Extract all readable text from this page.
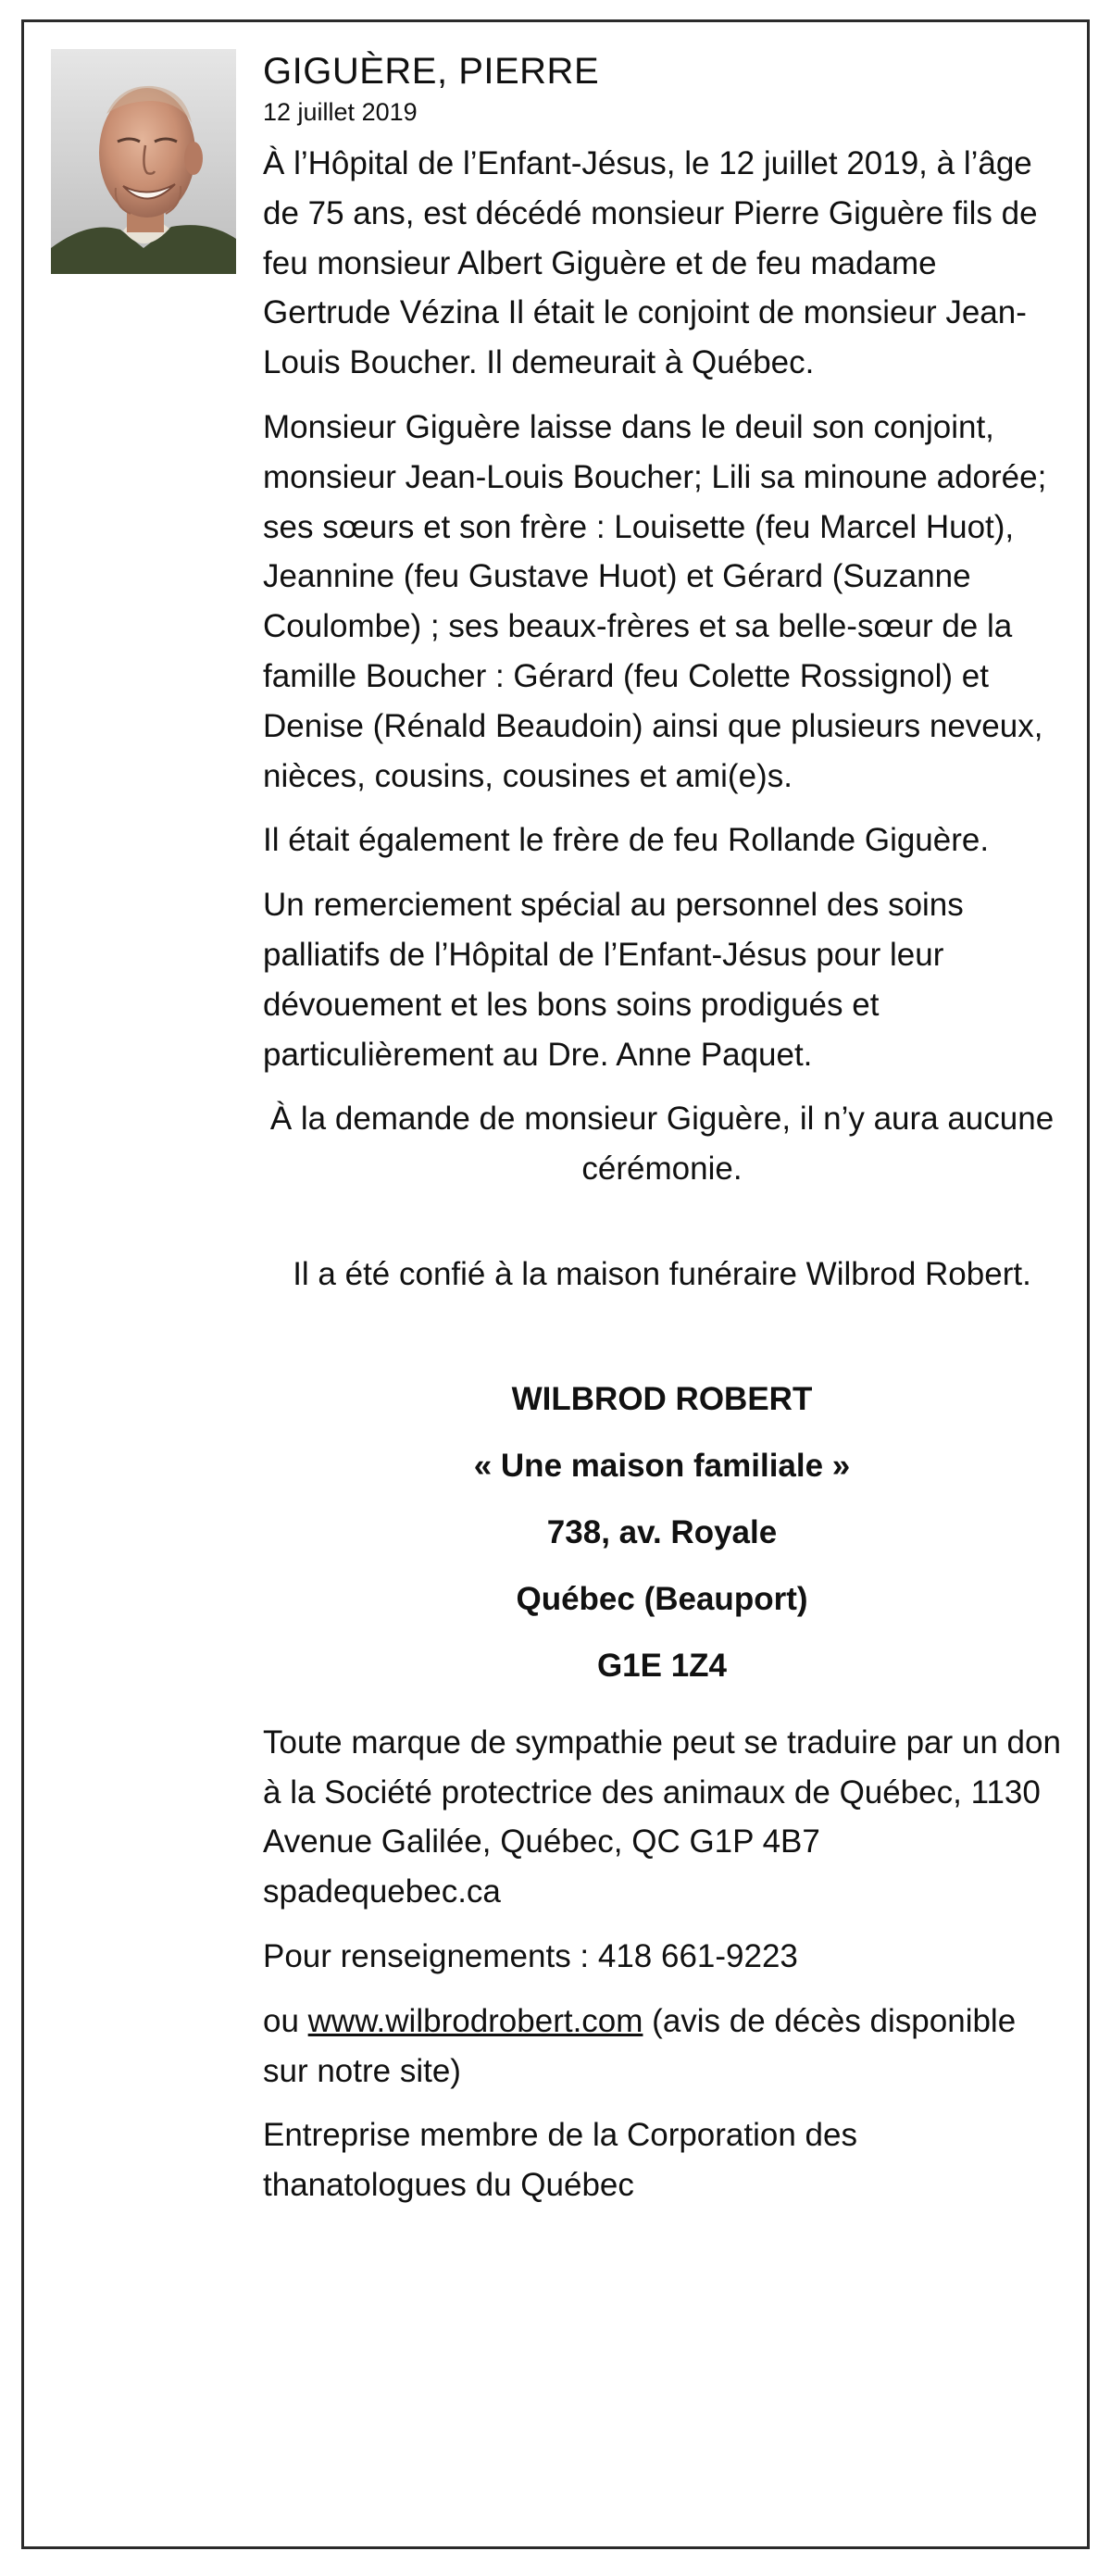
GIGUÈRE, PIERRE
12 juillet 2019

À l’Hôpital de l’Enfant-Jésus, le 12 juillet 2019, à l’âge de 75 ans, est décédé monsieur Pierre Giguère fils de feu monsieur Albert Giguère et de feu madame Gertrude Vézina Il était le conjoint de monsieur Jean-Louis Boucher. Il demeurait à Québec.

Monsieur Giguère laisse dans le deuil son conjoint, monsieur Jean-Louis Boucher; Lili sa minoune adorée; ses sœurs et son frère : Louisette (feu Marcel Huot), Jeannine (feu Gustave Huot) et Gérard (Suzanne Coulombe) ; ses beaux-frères et sa belle-sœur de la famille Boucher : Gérard (feu Colette Rossignol) et Denise (Rénald Beaudoin) ainsi que plusieurs neveux, nièces, cousins, cousines et ami(e)s.

Il était également le frère de feu Rollande Giguère.

Un remerciement spécial au personnel des soins palliatifs de l’Hôpital de l’Enfant-Jésus pour leur dévouement et les bons soins prodigués et particulièrement au Dre. Anne Paquet.

À la demande de monsieur Giguère, il n’y aura aucune cérémonie.

Il a été confié à la maison funéraire Wilbrod Robert.

WILBROD ROBERT

« Une maison familiale »

738, av. Royale

Québec (Beauport)

G1E 1Z4

Toute marque de sympathie peut se traduire par un don à la Société protectrice des animaux de Québec, 1130 Avenue Galilée, Québec, QC G1P 4B7 spadequebec.ca

Pour renseignements : 418 661-9223

ou www.wilbrodrobert.com (avis de décès disponible sur notre site)

Entreprise membre de la Corporation des thanatologues du Québec
